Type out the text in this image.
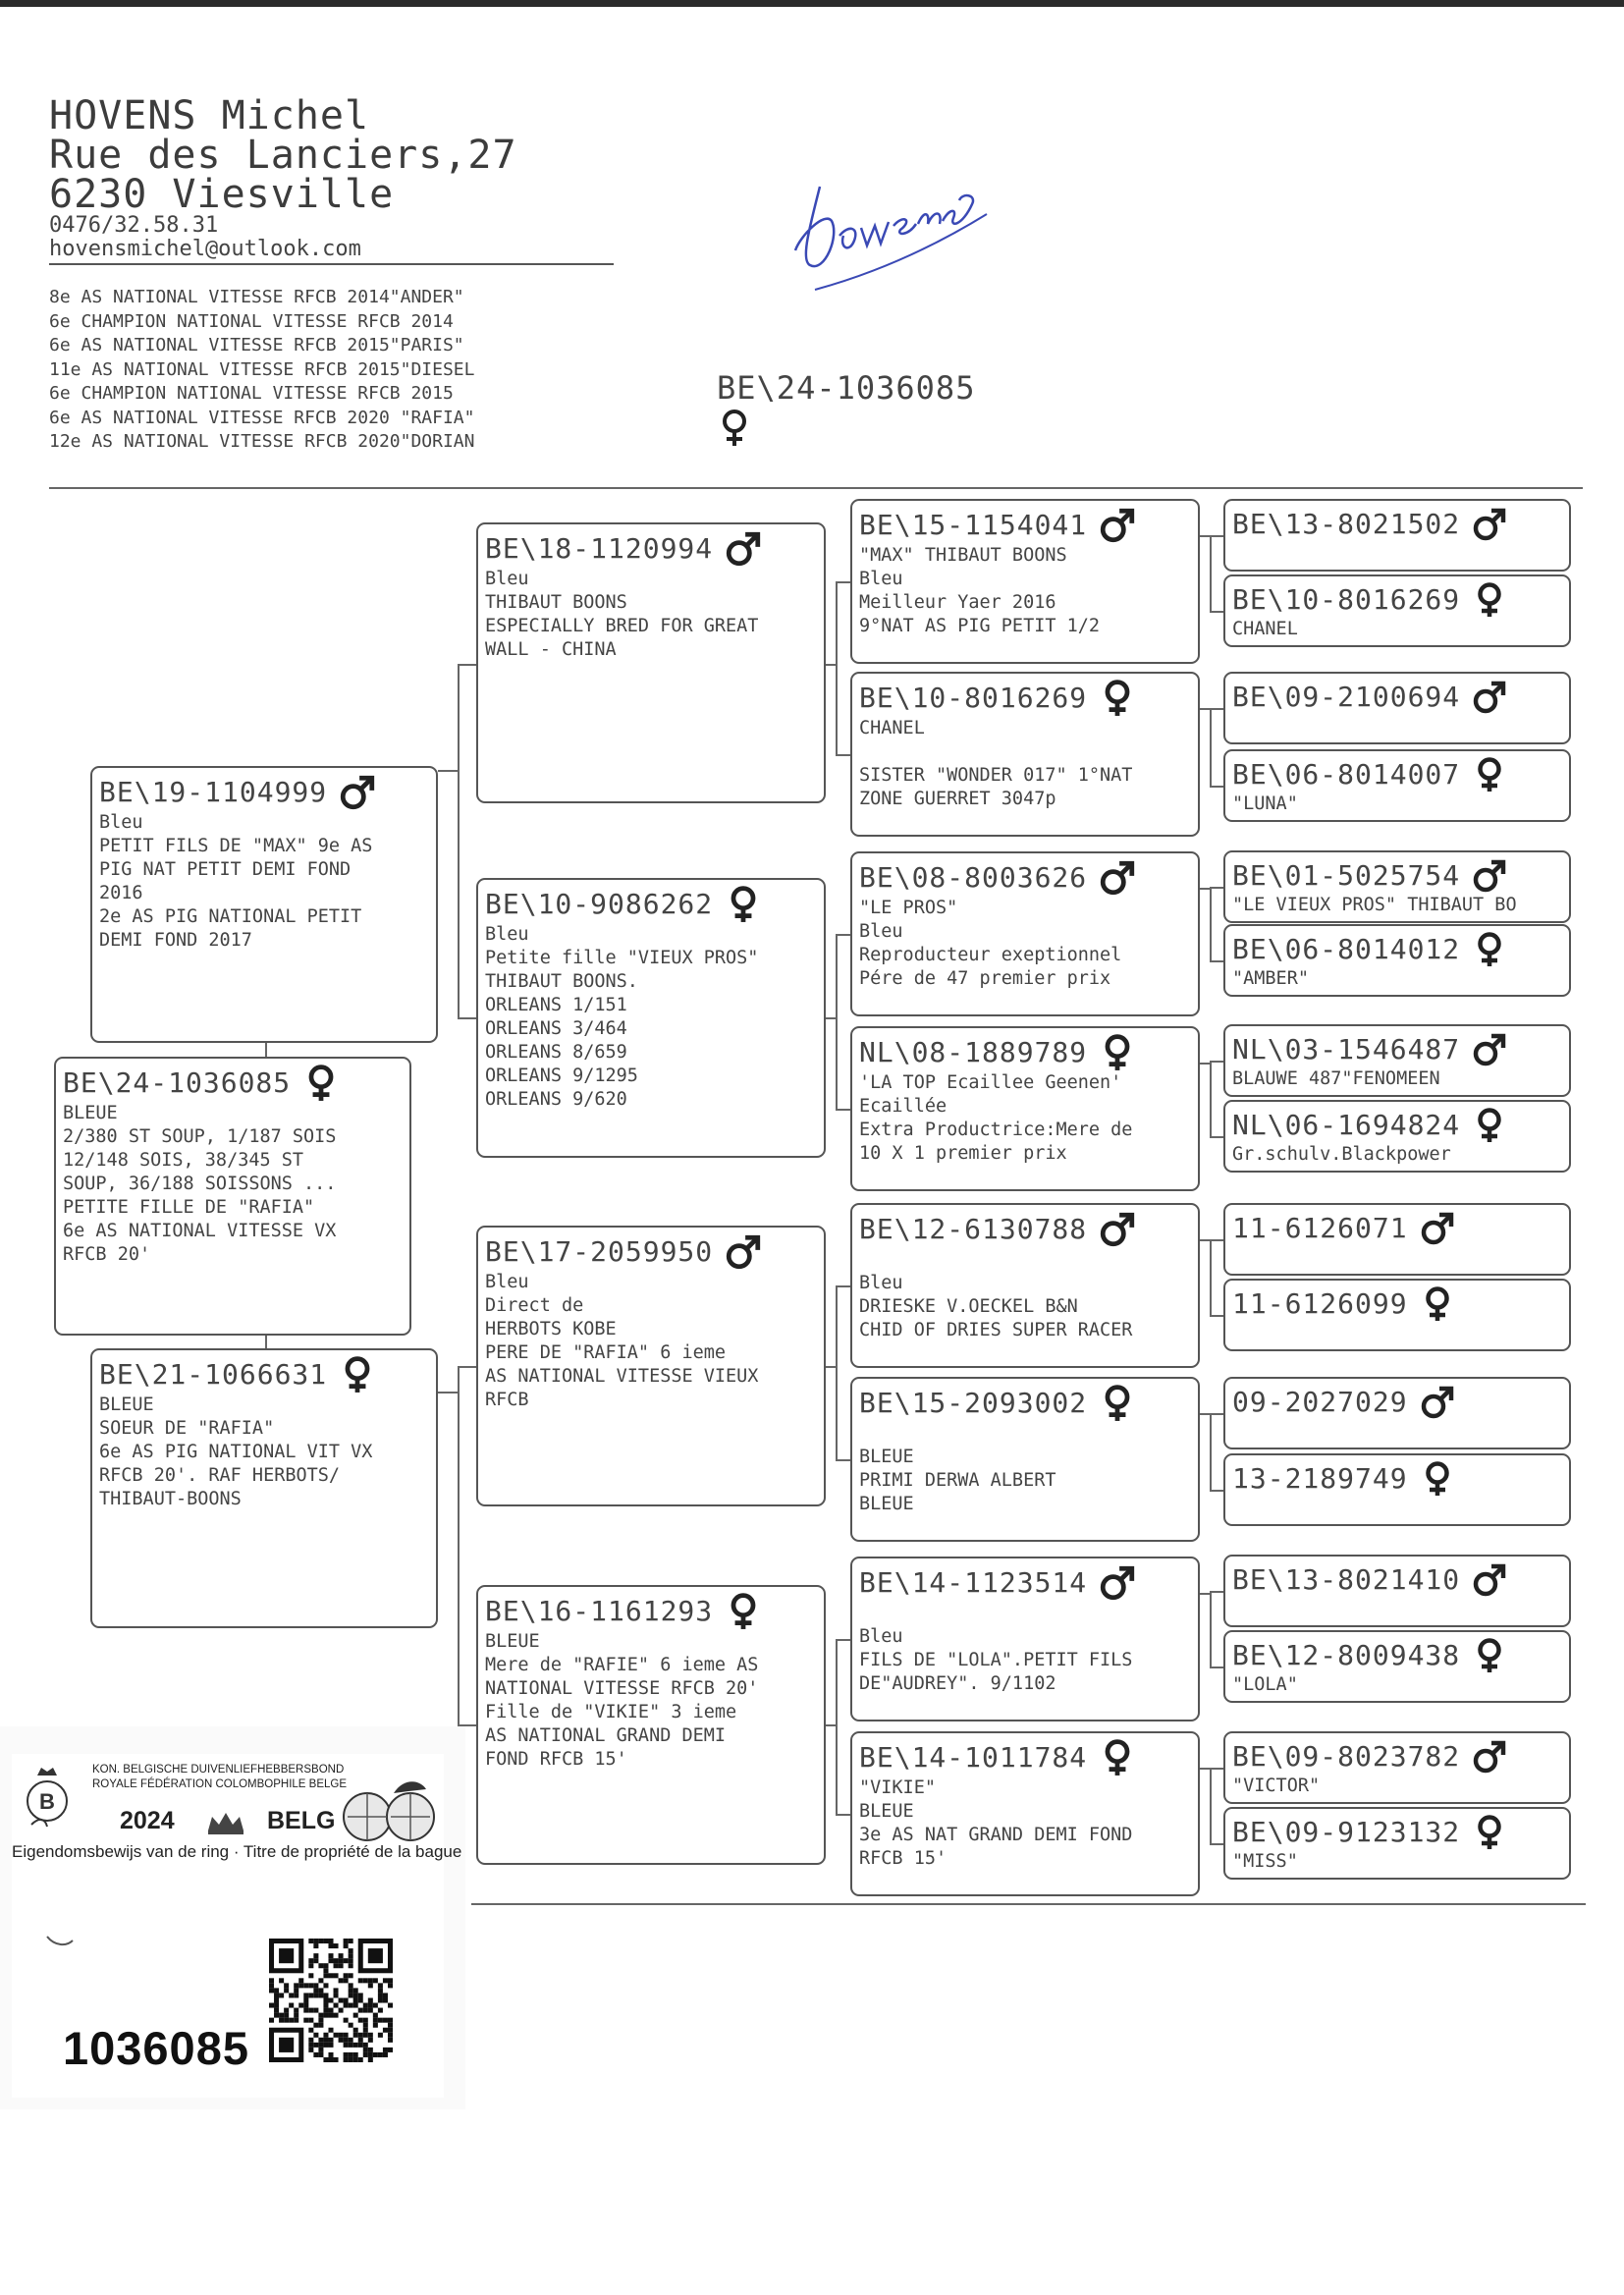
HOVENS Michel
Rue des Lanciers,27
6230 Viesville
0476/32.58.31
hovensmichel@outlook.com
8e AS NATIONAL VITESSE RFCB 2014"ANDER"
6e CHAMPION NATIONAL VITESSE RFCB 2014
6e AS NATIONAL VITESSE RFCB 2015"PARIS"
11e AS NATIONAL VITESSE RFCB 2015"DIESEL
6e CHAMPION NATIONAL VITESSE RFCB 2015
6e AS NATIONAL VITESSE RFCB 2020 "RAFIA"
12e AS NATIONAL VITESSE RFCB 2020"DORIAN
BE\24-1036085
BE\19-1104999
Bleu
PETIT FILS DE "MAX" 9e AS
PIG NAT PETIT DEMI FOND
2016
2e AS PIG NATIONAL PETIT
DEMI FOND 2017
BE\24-1036085
BLEUE
2/380 ST SOUP, 1/187 SOIS
12/148 SOIS, 38/345 ST
SOUP, 36/188 SOISSONS ...
PETITE FILLE DE "RAFIA"
6e AS NATIONAL VITESSE VX
RFCB 20'
BE\21-1066631
BLEUE
SOEUR DE "RAFIA"
6e AS PIG NATIONAL VIT VX
RFCB 20'. RAF HERBOTS/
THIBAUT-BOONS
BE\18-1120994
Bleu
THIBAUT BOONS
ESPECIALLY BRED FOR GREAT
WALL - CHINA
BE\10-9086262
Bleu
Petite fille "VIEUX PROS"
THIBAUT BOONS.
ORLEANS 1/151
ORLEANS 3/464
ORLEANS 8/659
ORLEANS 9/1295
ORLEANS 9/620
BE\17-2059950
Bleu
Direct de
HERBOTS KOBE
PERE DE "RAFIA" 6 ieme
AS NATIONAL VITESSE VIEUX
RFCB
BE\16-1161293
BLEUE
Mere de "RAFIE" 6 ieme AS
NATIONAL VITESSE RFCB 20'
Fille de "VIKIE" 3 ieme
AS NATIONAL GRAND DEMI
FOND RFCB 15'
BE\15-1154041
"MAX" THIBAUT BOONS
Bleu
Meilleur Yaer 2016
9°NAT AS PIG PETIT 1/2
BE\10-8016269
CHANEL

SISTER "WONDER 017" 1°NAT
ZONE GUERRET 3047p
BE\08-8003626
"LE PROS"
Bleu
Reproducteur exeptionnel
Pére de 47 premier prix
NL\08-1889789
'LA TOP Ecaillee Geenen'
Ecaillée
Extra Productrice:Mere de
10 X 1 premier prix
BE\12-6130788

Bleu
DRIESKE V.OECKEL B&N
CHID OF DRIES SUPER RACER
BE\15-2093002

BLEUE
PRIMI DERWA ALBERT
BLEUE
BE\14-1123514

Bleu
FILS DE "LOLA".PETIT FILS
DE"AUDREY". 9/1102
BE\14-1011784
"VIKIE"
BLEUE
3e AS NAT GRAND DEMI FOND
RFCB 15'
BE\13-8021502
BE\10-8016269
CHANEL
BE\09-2100694
BE\06-8014007
"LUNA"
BE\01-5025754
"LE VIEUX PROS" THIBAUT BO
BE\06-8014012
"AMBER"
NL\03-1546487
BLAUWE 487"FENOMEEN
NL\06-1694824
Gr.schulv.Blackpower
11-6126071
11-6126099
09-2027029
13-2189749
BE\13-8021410
BE\12-8009438
"LOLA"
BE\09-8023782
"VICTOR"
BE\09-9123132
"MISS"
B
KON. BELGISCHE DUIVENLIEFHEBBERSBOND
ROYALE FÉDÉRATION COLOMBOPHILE BELGE
2024	BELG
Eigendomsbewijs van de ring · Titre de propriété de la bague
1036085
